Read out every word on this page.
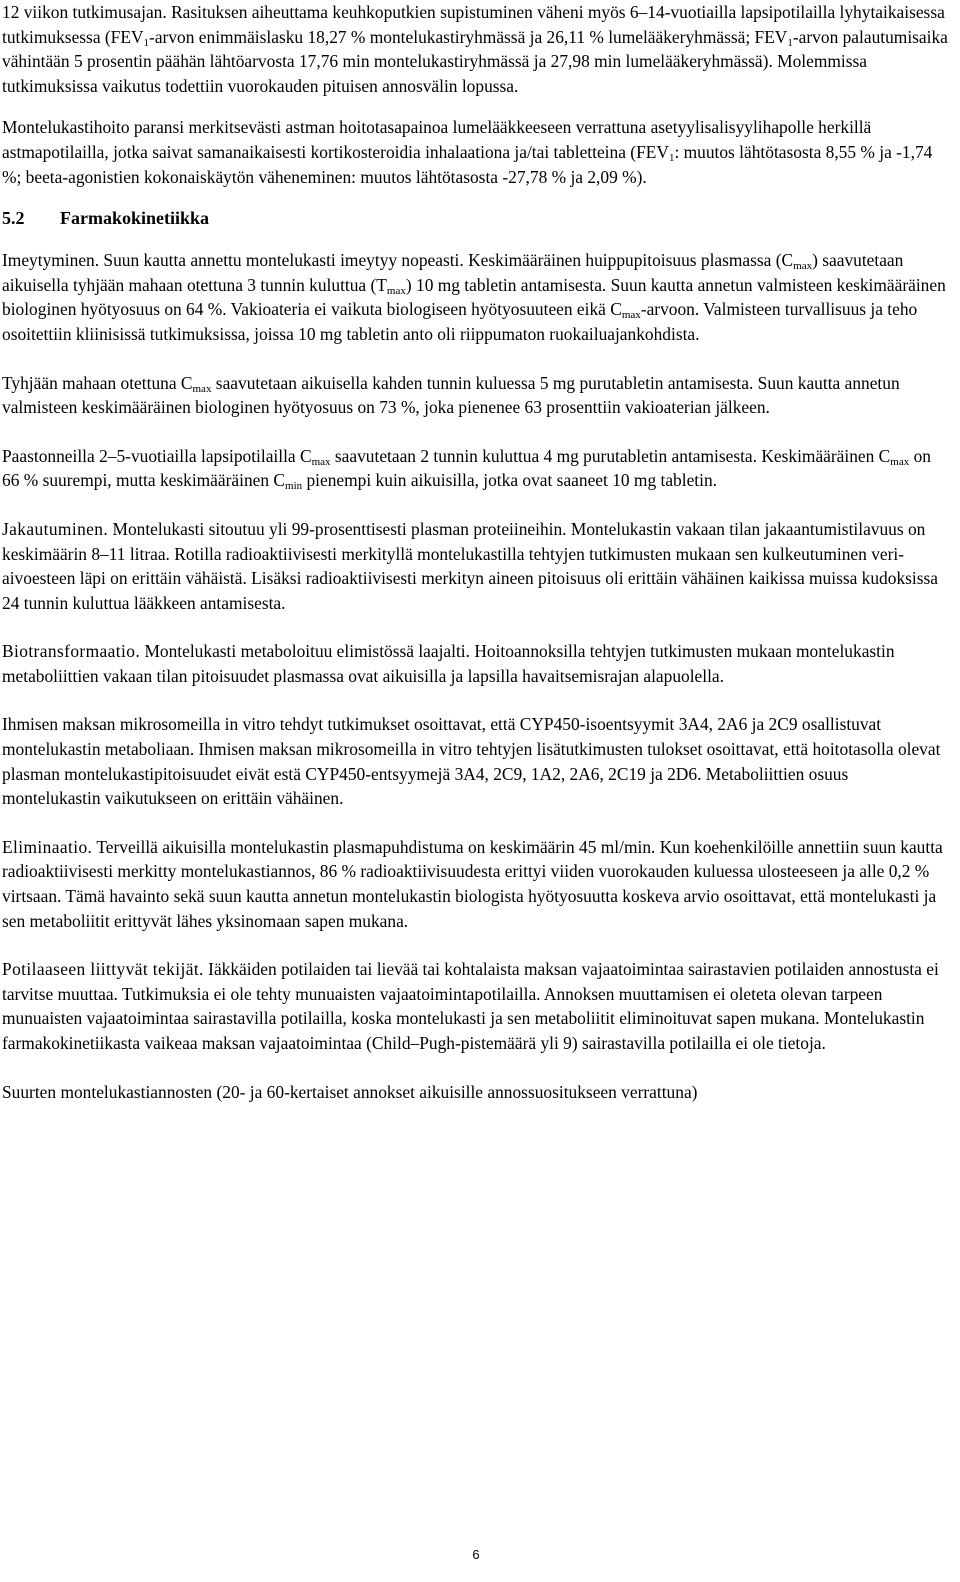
12 viikon tutkimusajan. Rasituksen aiheuttama keuhkoputkien supistuminen väheni myös 6–14-vuotiailla lapsipotilailla lyhytaikaisessa tutkimuksessa ($FEV_1$-arvon enimmäislasku 18,27 % montelukastiryhmässä ja 26,11 % lumelääkeryhmässä; $FEV_1$-arvon palautumisaika vähintään 5 prosentin päähän lähtöarvosta 17,76 min montelukastiryhmässä ja 27,98 min lumelääkeryhmässä). Molemmissa tutkimuksissa vaikutus todettiin vuorokauden pituisen annosvälin lopussa.

Montelukastihoito paransi merkitsevästi astman hoitotasapainoa lumelääkkeeseen verrattuna asetyylisalisyylihapolle herkillä astmapotilailla, jotka saivat samanaikaisesti kortikosteroidia inhalaationa ja/tai tabletteina ($FEV_1$: muutos lähtötasosta 8,55 % ja -1,74 %; beeta-agonistien kokonaiskäytön väheneminen: muutos lähtötasosta -27,78 % ja 2,09 %).

5.2 Farmakokinetiikka

Imeytyminen. Suun kautta annettu montelukasti imeytyy nopeasti. Keskimääräinen huippupitoisuus plasmassa $(C_{max})$ saavutetaan aikuisella tyhjään mahaan otettuna 3 tunnin kuluttua $(T_{max})$ 10 mg tabletin antamisesta. Suun kautta annetun valmisteen keskimääräinen biologinen hyötyosuus on 64 %. Vakioateria ei vaikuta biologiseen hyötyosuuteen eikä $C_{max}$-arvoon. Valmisteen turvallisuus ja teho osoitettiin kliinisissä tutkimuksissa, joissa 10 mg tabletin anto oli riippumaton ruokailuajankohdista.

Tyhjään mahaan otettuna $C_{max}$ saavutetaan aikuisella kahden tunnin kuluessa 5 mg purutabletin antamisesta. Suun kautta annetun valmisteen keskimääräinen biologinen hyötyosuus on 73 %, joka pienenee 63 prosenttiin vakioaterian jälkeen.

Paastonneilla 2–5-vuotiailla lapsipotilailla $C_{max}$ saavutetaan 2 tunnin kuluttua 4 mg purutabletin antamisesta. Keskimääräinen $C_{max}$ on 66 % suurempi, mutta keskimääräinen $C_{min}$ pienempi kuin aikuisilla, jotka ovat saaneet 10 mg tabletin.

Jakautuminen. Montelukasti sitoutuu yli 99-prosenttisesti plasman proteiineihin. Montelukastin vakaan tilan jakaantumistilavuus on keskimäärin 8–11 litraa. Rotilla radioaktiivisesti merkityllä montelukastilla tehtyjen tutkimusten mukaan sen kulkeutuminen veri-aivoesteen läpi on erittäin vähäistä. Lisäksi radioaktiivisesti merkityn aineen pitoisuus oli erittäin vähäinen kaikissa muissa kudoksissa 24 tunnin kuluttua lääkkeen antamisesta.

Biotransformaatio. Montelukasti metaboloituu elimistössä laajalti. Hoitoannoksilla tehtyjen tutkimusten mukaan montelukastin metaboliittien vakaan tilan pitoisuudet plasmassa ovat aikuisilla ja lapsilla havaitsemisrajan alapuolella.

Ihmisen maksan mikrosomeilla in vitro tehdyt tutkimukset osoittavat, että CYP450-isoentsyymit 3A4, 2A6 ja 2C9 osallistuvat montelukastin metaboliaan. Ihmisen maksan mikrosomeilla in vitro tehtyjen lisätutkimusten tulokset osoittavat, että hoitotasolla olevat plasman montelukastipitoisuudet eivät estä CYP450-entsyymejä 3A4, 2C9, 1A2, 2A6, 2C19 ja 2D6. Metaboliittien osuus montelukastin vaikutukseen on erittäin vähäinen.

Eliminaatio. Terveillä aikuisilla montelukastin plasmapuhdistuma on keskimäärin 45 ml/min. Kun koehenkilöille annettiin suun kautta radioaktiivisesti merkitty montelukastiannos, 86 % radioaktiivisuudesta erittyi viiden vuorokauden kuluessa ulosteeseen ja alle 0,2 % virtsaan. Tämä havainto sekä suun kautta annetun montelukastin biologista hyötyosuutta koskeva arvio osoittavat, että montelukasti ja sen metaboliitit erittyvät lähes yksinomaan sapen mukana.

Potilaaseen liittyvät tekijät. Iäkkäiden potilaiden tai lievää tai kohtalaista maksan vajaatoimintaa sairastavien potilaiden annostusta ei tarvitse muuttaa. Tutkimuksia ei ole tehty munuaisten vajaatoimintapotilailla. Annoksen muuttamisen ei oleteta olevan tarpeen munuaisten vajaatoimintaa sairastavilla potilailla, koska montelukasti ja sen metaboliitit eliminoituvat sapen mukana. Montelukastin farmakokinetiikasta vaikeaa maksan vajaatoimintaa (Child–Pugh-pistemäärä yli 9) sairastavilla potilailla ei ole tietoja.

Suurten montelukastiannosten (20- ja 60-kertaiset annokset aikuisille annossuositukseen verrattuna)

6
